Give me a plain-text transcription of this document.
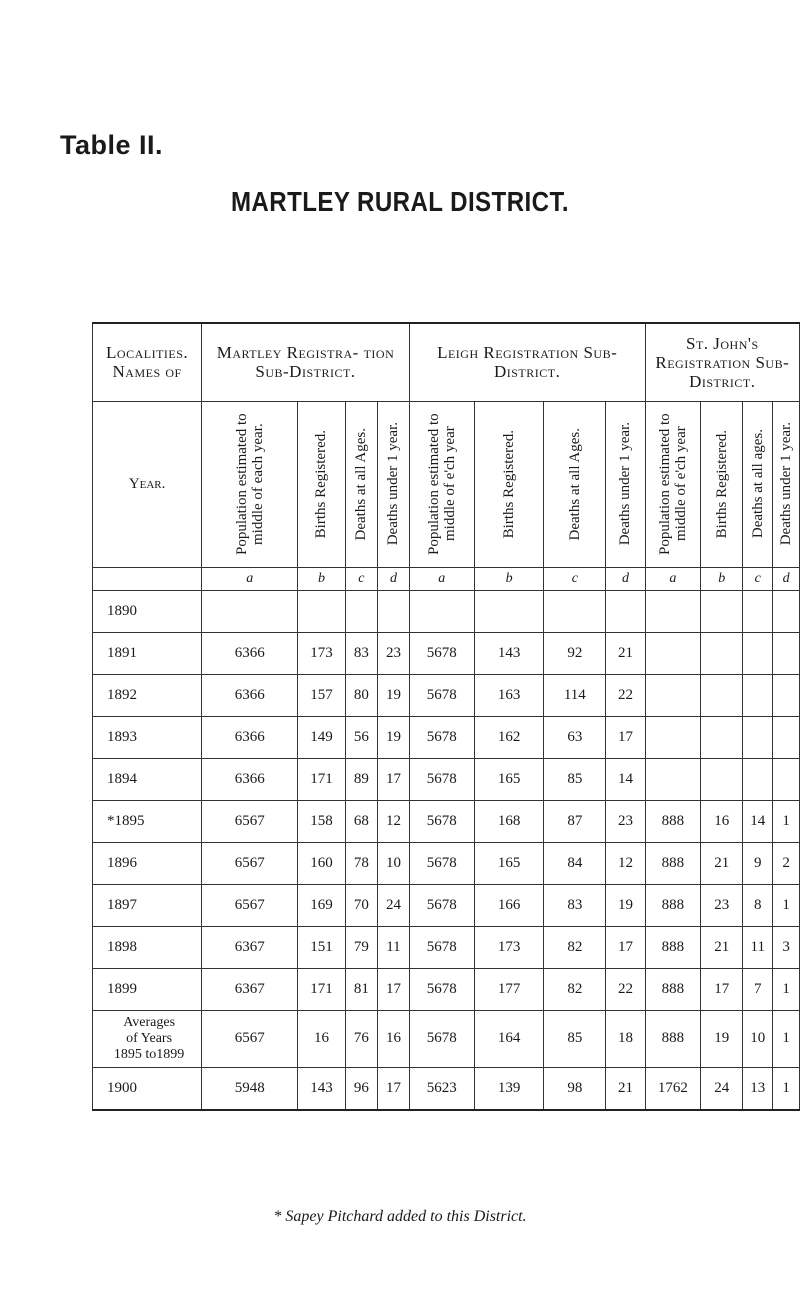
Table II.
MARTLEY RURAL DISTRICT.
Localities.
Names of	Martley Registra- tion Sub-District.				Leigh Registration Sub-District.				St. John's Registration Sub-District.			
Year.	Population estimated to middle of each year.	Births Registered.	Deaths at all Ages.	Deaths under 1 year.	Population estimated to middle of e'ch year	Births Registered.	Deaths at all Ages.	Deaths under 1 year.	Population estimated to middle of e'ch year	Births Registered.	Deaths at all ages.	Deaths under 1 year.

	a	b	c	d	a	b	c	d	a	b	c	d
1890												
1891	6366	173	83	23	5678	143	92	21				
1892	6366	157	80	19	5678	163	114	22				
1893	6366	149	56	19	5678	162	63	17				
1894	6366	171	89	17	5678	165	85	14				
*1895	6567	158	68	12	5678	168	87	23	888	16	14	1
1896	6567	160	78	10	5678	165	84	12	888	21	9	2
1897	6567	169	70	24	5678	166	83	19	888	23	8	1
1898	6367	151	79	11	5678	173	82	17	888	21	11	3
1899	6367	171	81	17	5678	177	82	22	888	17	7	1

Averages
of Years
1895 to1899	6567	16	76	16	5678	164	85	18	888	19	10	1
1900	5948	143	96	17	5623	139	98	21	1762	24	13	1
* Sapey Pitchard added to this District.
